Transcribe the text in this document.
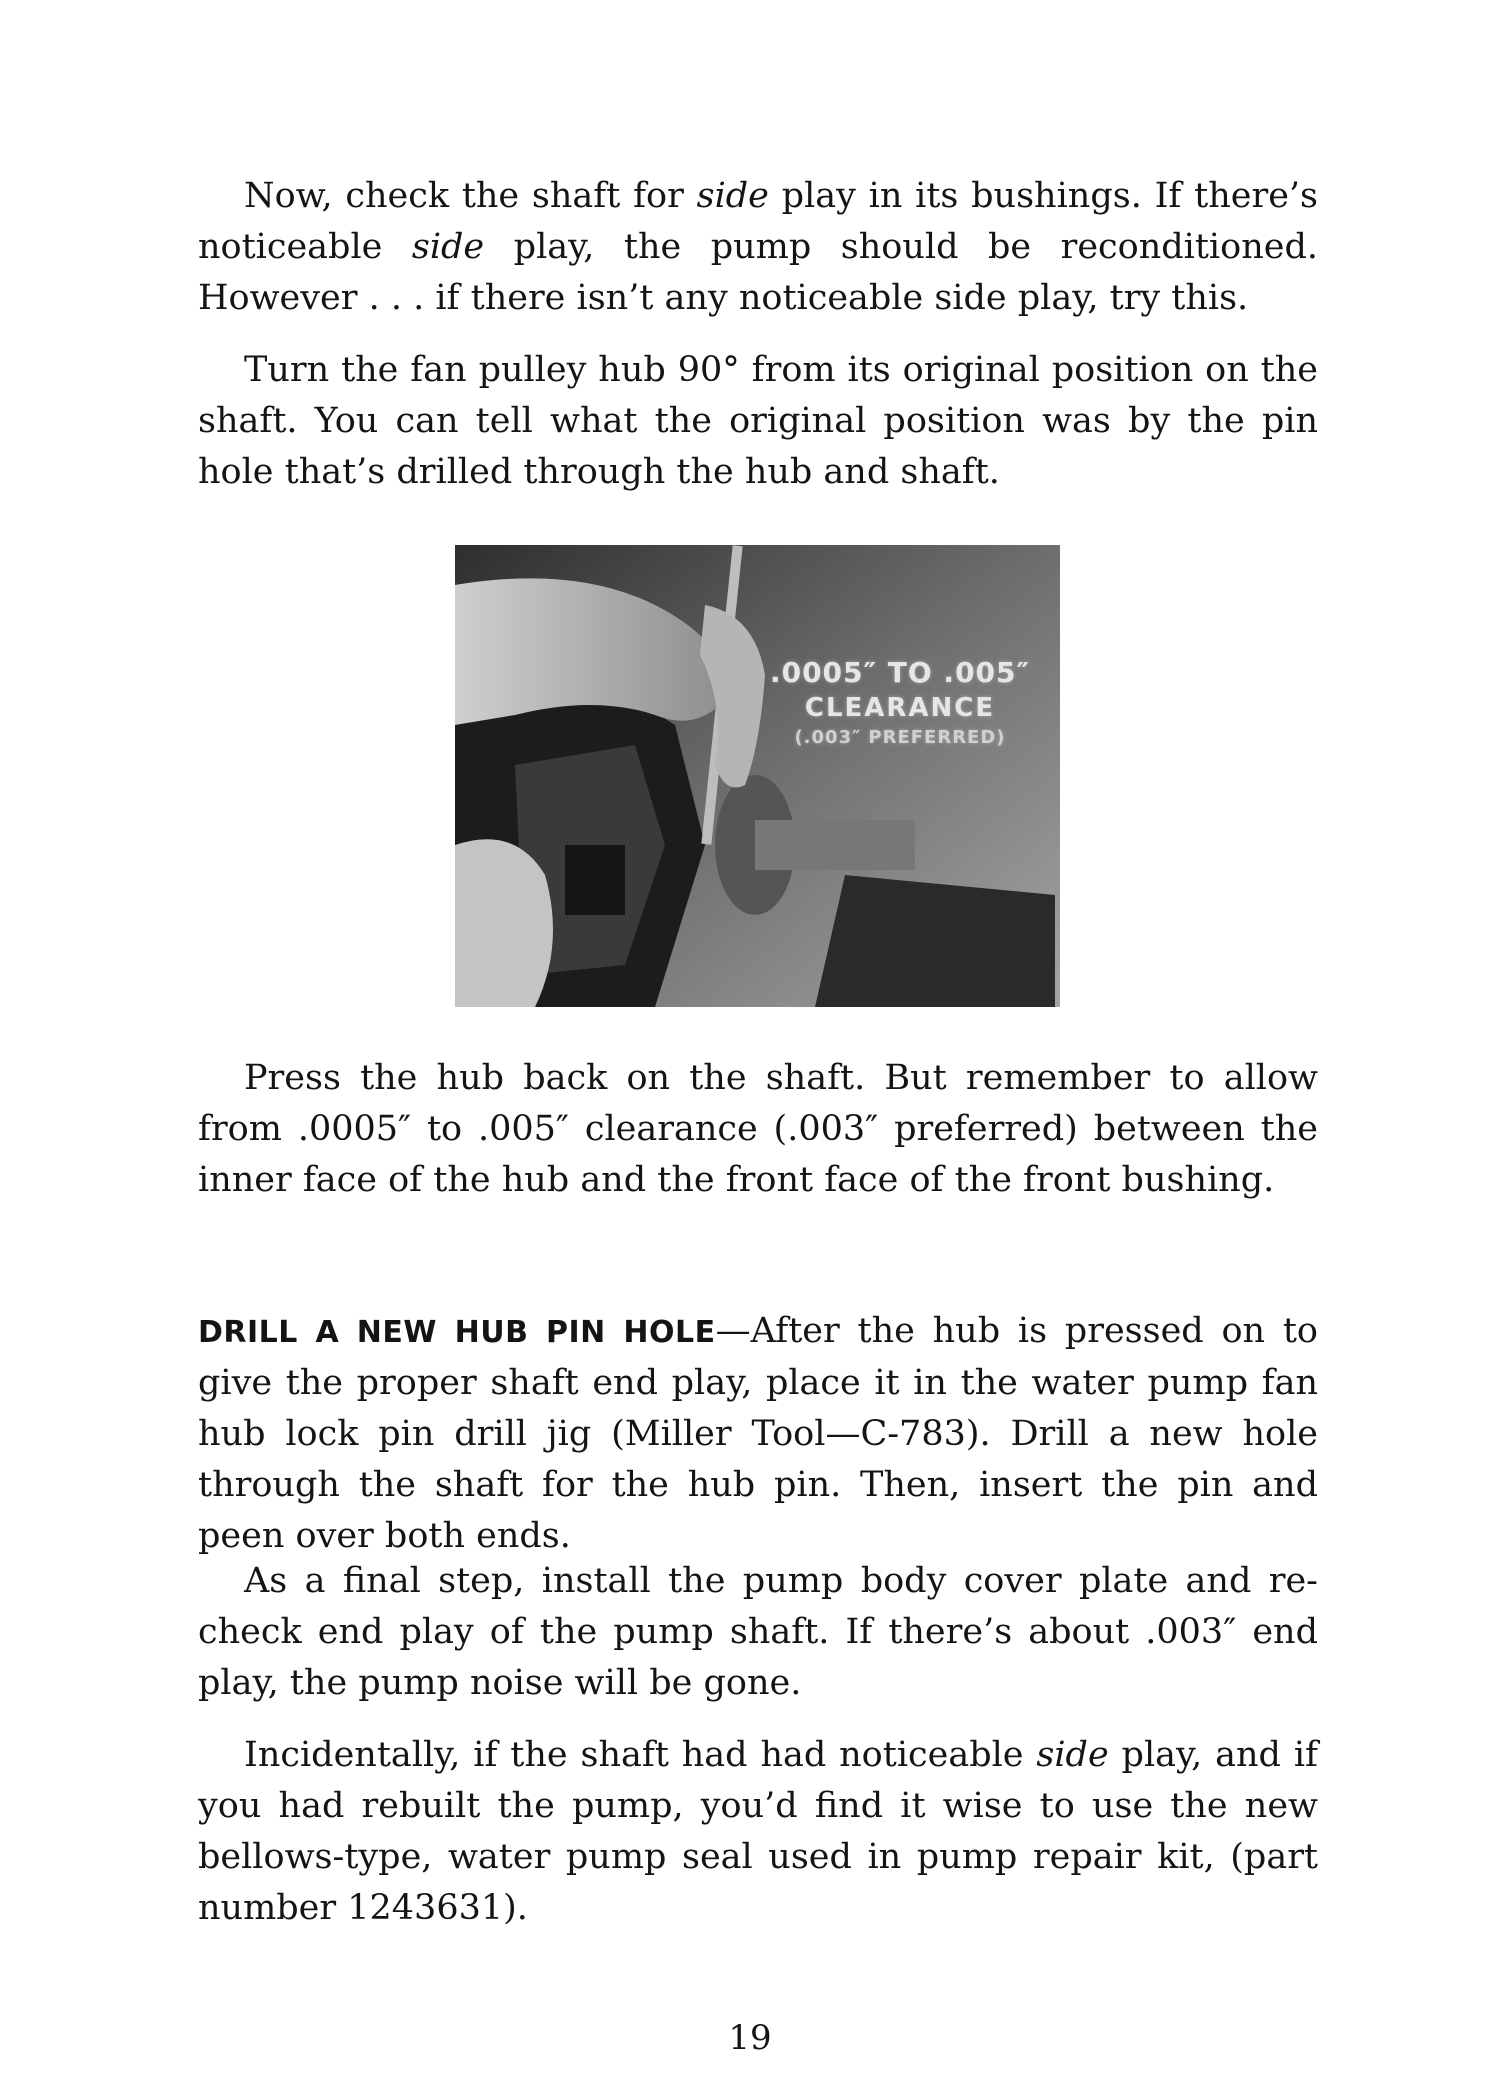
Now, check the shaft for side play in its bushings. If there’s noticeable side play, the pump should be reconditioned. However . . . if there isn’t any noticeable side play, try this.

Turn the fan pulley hub 90° from its original position on the shaft. You can tell what the original position was by the pin hole that’s drilled through the hub and shaft.

.0005″ TO .005″
CLEARANCE
(.003″ PREFERRED)

Press the hub back on the shaft. But remember to allow from .0005″ to .005″ clearance (.003″ preferred) between the inner face of the hub and the front face of the front bushing.

DRILL A NEW HUB PIN HOLE—After the hub is pressed on to give the proper shaft end play, place it in the water pump fan hub lock pin drill jig (Miller Tool—C-783). Drill a new hole through the shaft for the hub pin. Then, insert the pin and peen over both ends.

As a final step, install the pump body cover plate and re-check end play of the pump shaft. If there’s about .003″ end play, the pump noise will be gone.

Incidentally, if the shaft had had noticeable side play, and if you had rebuilt the pump, you’d find it wise to use the new bellows-type, water pump seal used in pump repair kit, (part number 1243631).

19
